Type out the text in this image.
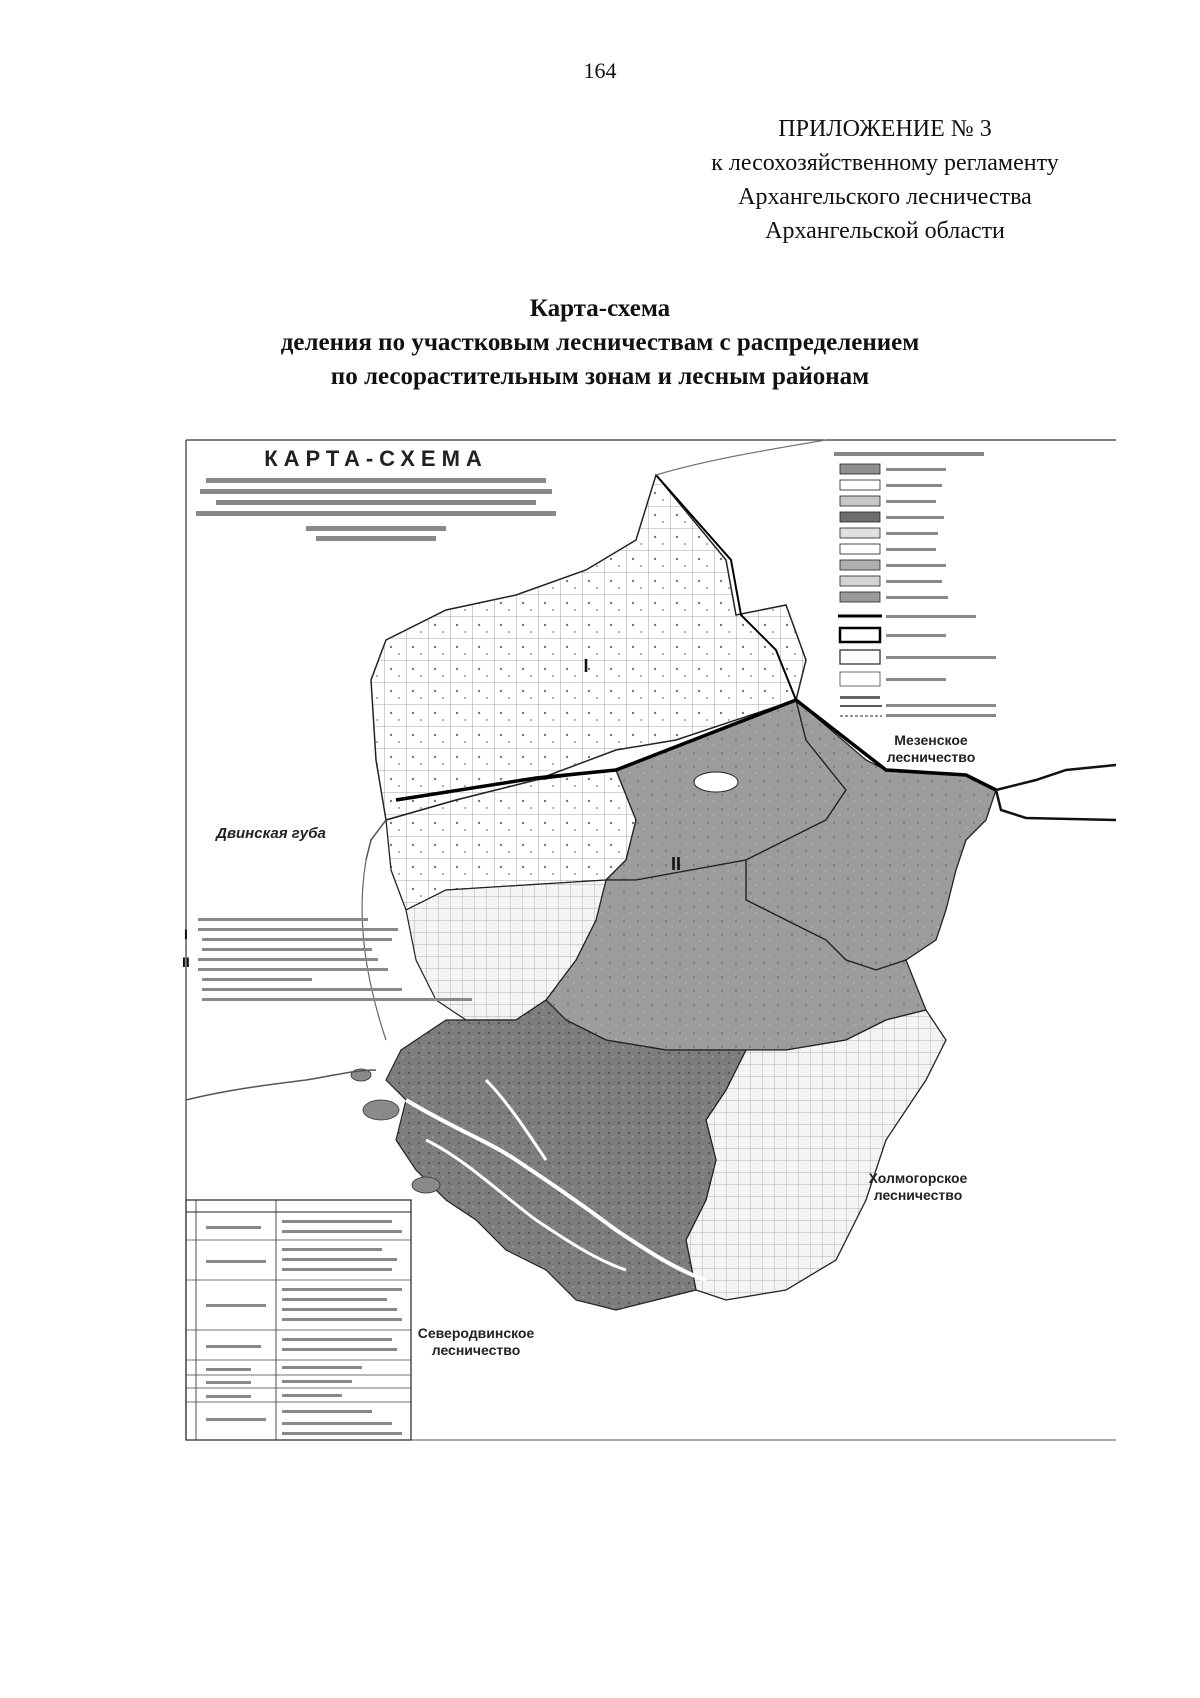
164
ПРИЛОЖЕНИЕ № 3
к лесохозяйственному регламенту
Архангельского лесничества
Архангельской области
Карта-схема
деления по участковым лесничествам с распределением
по лесорастительным зонам и лесным районам
КАРТА-СХЕМА
Мезенское
лесничество
Холмогорское
лесничество
Северодвинское
лесничество
Двинская губа
I
II
I
II
